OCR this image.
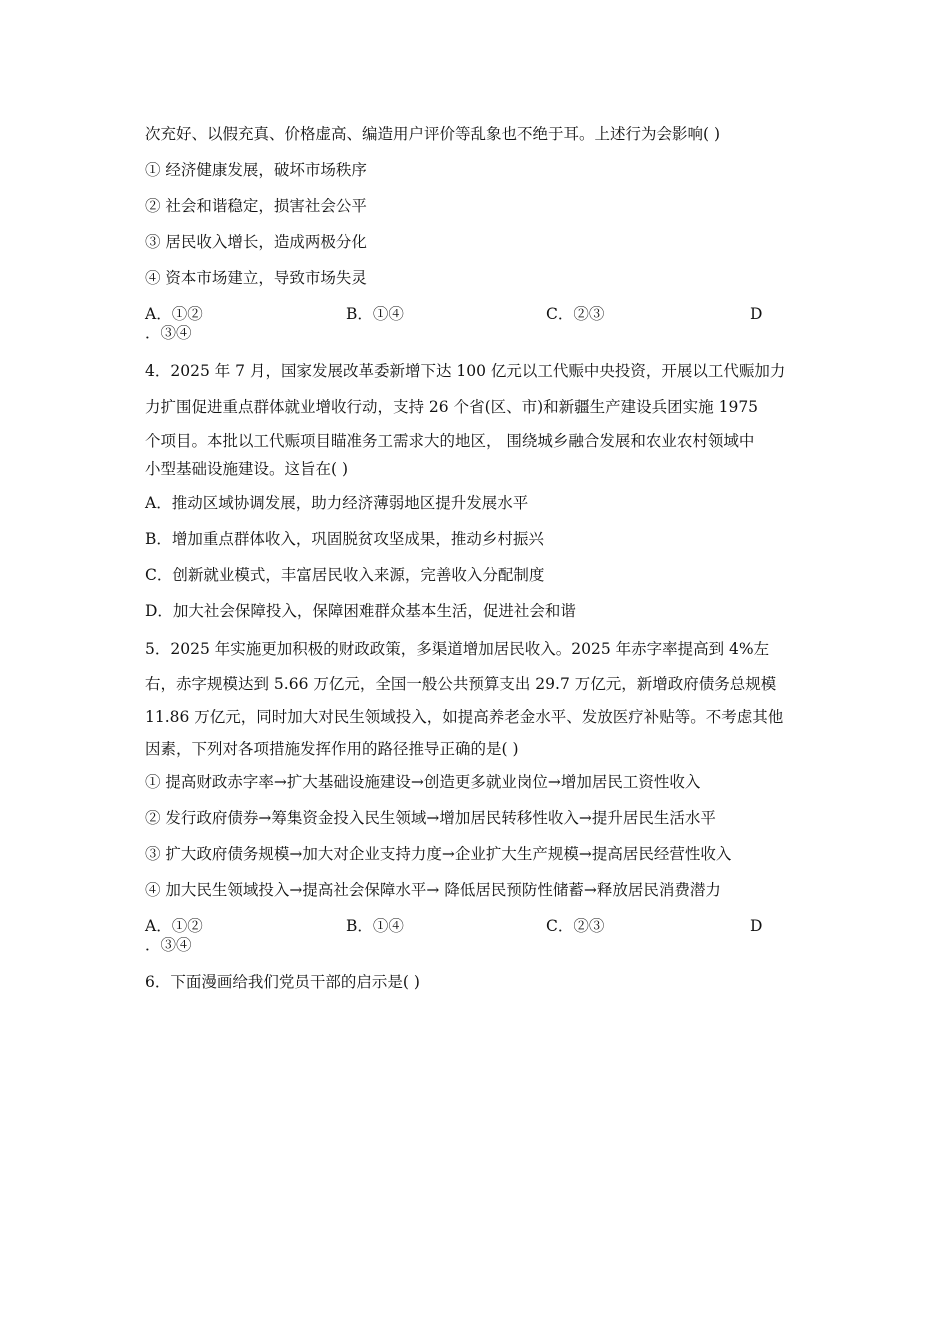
次充好、以假充真、价格虚高、编造用户评价等乱象也不绝于耳。上述行为会影响( )
① 经济健康发展，破坏市场秩序
② 社会和谐稳定，损害社会公平
③ 居民收入增长，造成两极分化
④ 资本市场建立，导致市场失灵
A．①②	B．①④	C．②③	D
．③④
4．2025 年 7 月，国家发展改革委新增下达 100 亿元以工代赈中央投资，开展以工代赈加力
力扩围促进重点群体就业增收行动，支持 26 个省(区、市)和新疆生产建设兵团实施 1975
个项目。本批以工代赈项目瞄准务工需求大的地区， 围绕城乡融合发展和农业农村领域中
小型基础设施建设。这旨在( )
A．推动区域协调发展，助力经济薄弱地区提升发展水平
B．增加重点群体收入，巩固脱贫攻坚成果，推动乡村振兴
C．创新就业模式，丰富居民收入来源，完善收入分配制度
D．加大社会保障投入，保障困难群众基本生活，促进社会和谐
5．2025 年实施更加积极的财政政策，多渠道增加居民收入。2025 年赤字率提高到 4%左
右，赤字规模达到 5.66 万亿元，全国一般公共预算支出 29.7 万亿元，新增政府债务总规模
11.86 万亿元，同时加大对民生领域投入，如提高养老金水平、发放医疗补贴等。不考虑其他
因素，下列对各项措施发挥作用的路径推导正确的是( )
① 提高财政赤字率→扩大基础设施建设→创造更多就业岗位→增加居民工资性收入
② 发行政府债券→筹集资金投入民生领域→增加居民转移性收入→提升居民生活水平
③ 扩大政府债务规模→加大对企业支持力度→企业扩大生产规模→提高居民经营性收入
④ 加大民生领域投入→提高社会保障水平→ 降低居民预防性储蓄→释放居民消费潜力
A．①②	B．①④	C．②③	D
．③④
6．下面漫画给我们党员干部的启示是( )
